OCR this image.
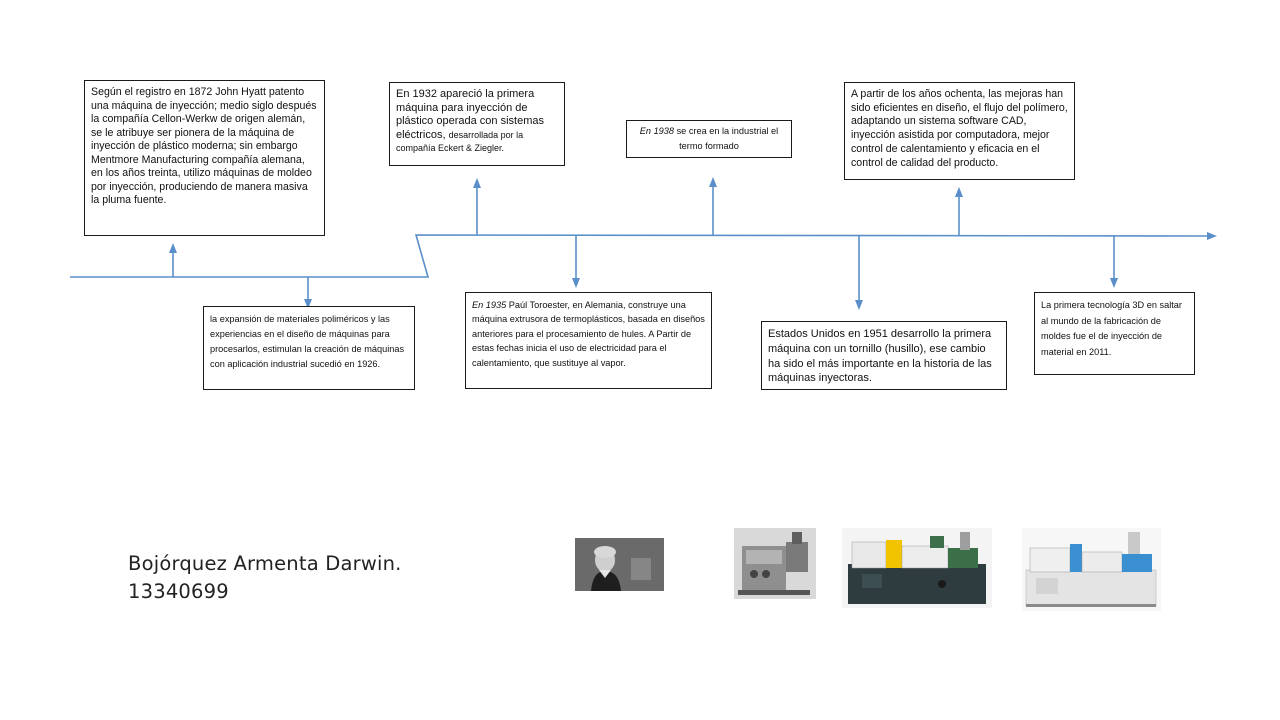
Según el registro en 1872 John Hyatt patento una máquina de inyección; medio siglo después la compañía Cellon-Werkw de origen alemán, se le atribuye ser pionera de la máquina de inyección de plástico moderna; sin embargo Mentmore Manufacturing compañía alemana, en los años treinta, utilizo máquinas de moldeo por inyección, produciendo de manera masiva la pluma fuente.
la expansión de materiales poliméricos y las experiencias en el diseño de máquinas para procesarlos, estimulan la creación de máquinas con aplicación industrial sucedió en 1926.
En 1932 apareció la primera máquina para inyección de plástico operada con sistemas eléctricos, desarrollada por la compañía Eckert & Ziegler.
En 1935 Paúl Toroester, en Alemania, construye una máquina extrusora de termoplásticos, basada en diseños anteriores para el procesamiento de hules. A Partir de estas fechas inicia el uso de electricidad para el calentamiento, que sustituye al vapor.
En 1938 se crea en la industrial el termo formado
Estados Unidos en 1951 desarrollo la primera máquina con un tornillo (husillo), ese cambio ha sido el más importante en la historia de las máquinas inyectoras.
A partir de los años ochenta, las mejoras han sido eficientes en diseño, el flujo del polímero, adaptando un sistema software CAD, inyección asistida por computadora, mejor control de calentamiento y eficacia en el control de calidad del producto.
La primera tecnología 3D en saltar al mundo de la fabricación de moldes fue el de inyección de material en 2011.
Bojórquez Armenta Darwin.
13340699
